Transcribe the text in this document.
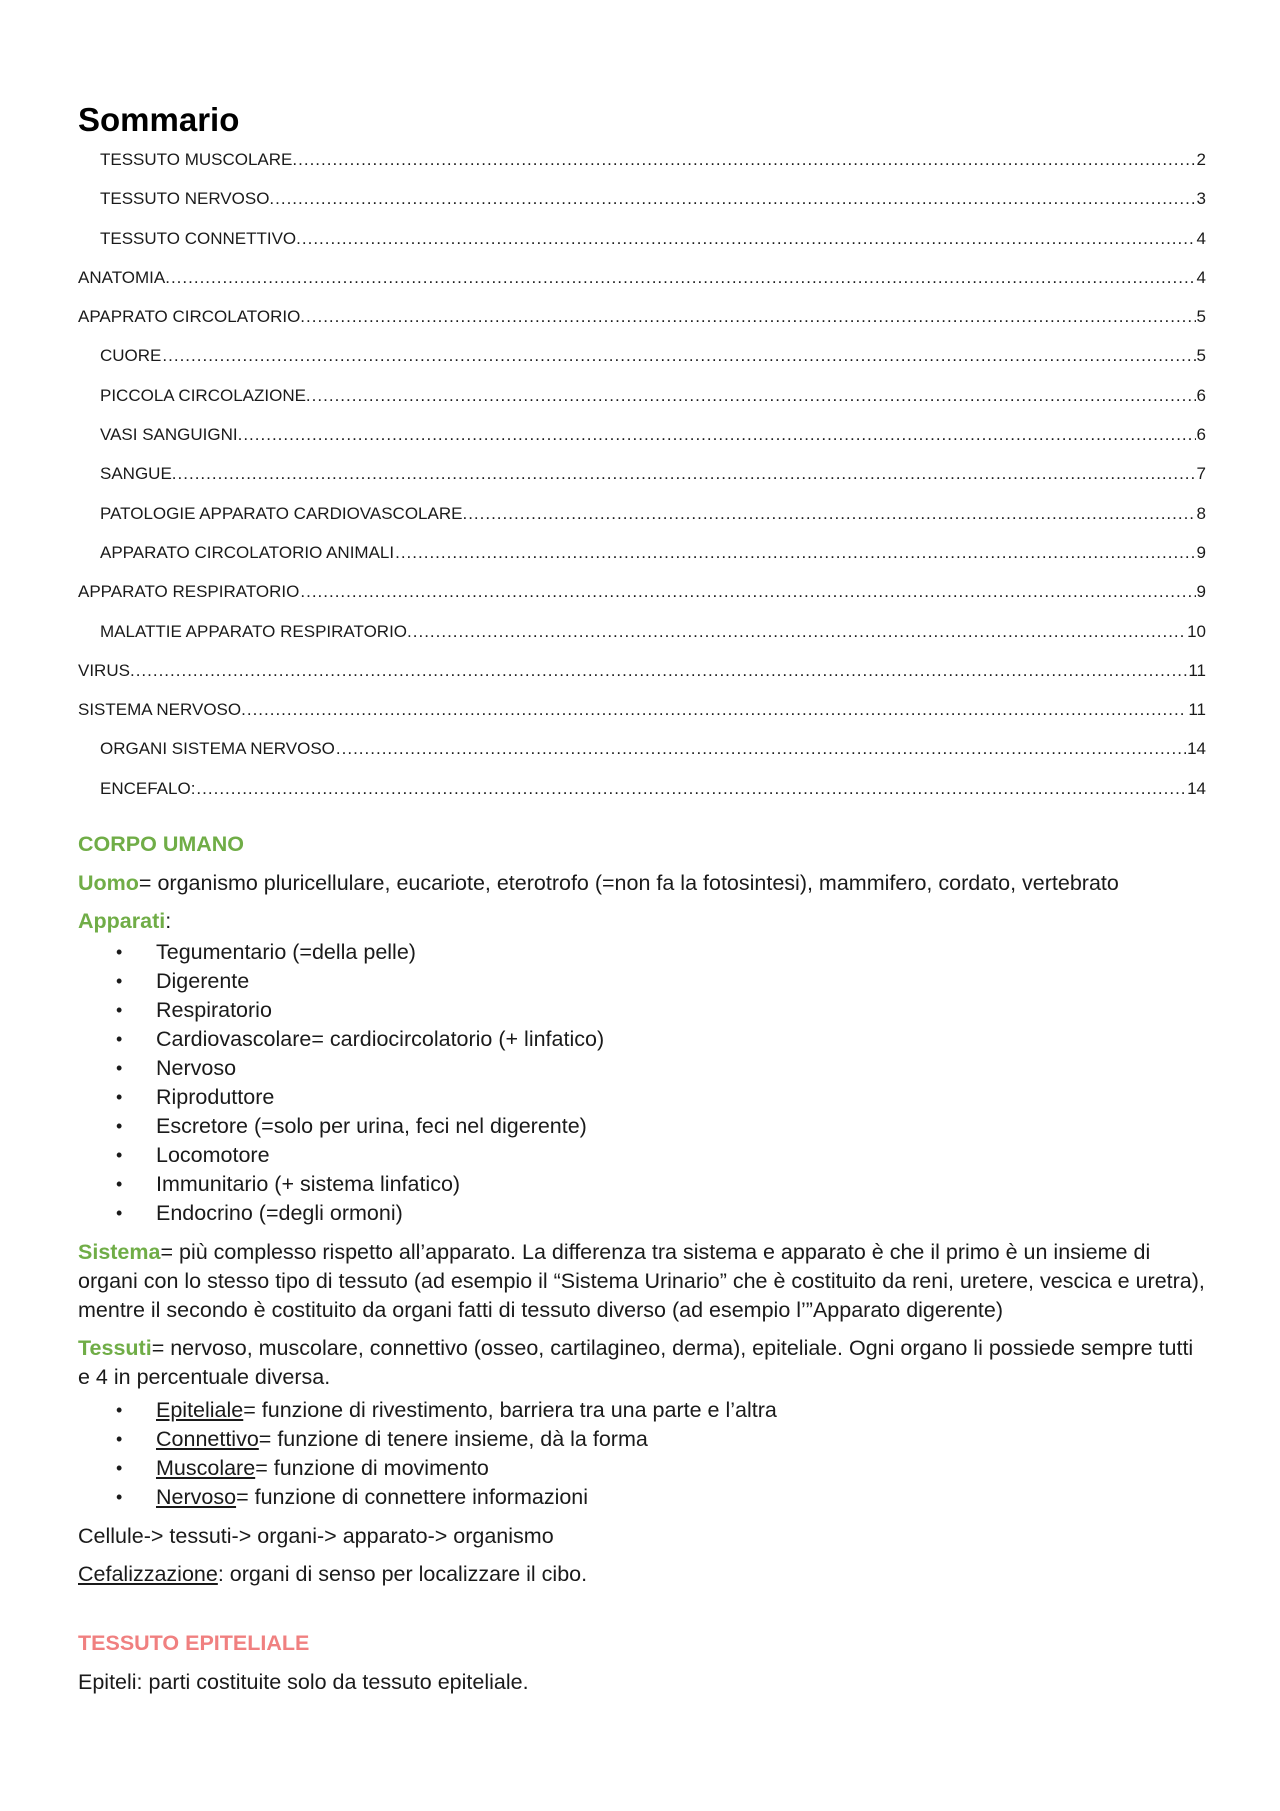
Sommario
TESSUTO MUSCOLARE. .....	2
TESSUTO NERVOSO. .....	3
TESSUTO CONNETTIVO. .....	4
ANATOMIA. .....	4
APAPRATO CIRCOLATORIO. .....	5
CUORE .....	5
PICCOLA CIRCOLAZIONE. .....	6
VASI SANGUIGNI. .....	6
SANGUE. .....	7
PATOLOGIE APPARATO CARDIOVASCOLARE. .....	8
APPARATO CIRCOLATORIO ANIMALI .....	9
APPARATO RESPIRATORIO .....	9
MALATTIE APPARATO RESPIRATORIO. .....	10
VIRUS. .....	11
SISTEMA NERVOSO. .....	11
ORGANI SISTEMA NERVOSO .....	14
ENCEFALO: .....	14
CORPO UMANO

Uomo= organismo pluricellulare, eucariote, eterotrofo (=non fa la fotosintesi), mammifero, cordato, vertebrato

Apparati:

• Tegumentario (=della pelle)
• Digerente
• Respiratorio
• Cardiovascolare= cardiocircolatorio (+ linfatico)
• Nervoso
• Riproduttore
• Escretore (=solo per urina, feci nel digerente)
• Locomotore
• Immunitario (+ sistema linfatico)
• Endocrino (=degli ormoni)

Sistema= più complesso rispetto all’apparato. La differenza tra sistema e apparato è che il primo è un insieme di organi con lo stesso tipo di tessuto (ad esempio il “Sistema Urinario” che è costituito da reni, uretere, vescica e uretra), mentre il secondo è costituito da organi fatti di tessuto diverso (ad esempio l’”Apparato digerente)

Tessuti= nervoso, muscolare, connettivo (osseo, cartilagineo, derma), epiteliale. Ogni organo li possiede sempre tutti e 4 in percentuale diversa.

• Epiteliale= funzione di rivestimento, barriera tra una parte e l’altra
• Connettivo= funzione di tenere insieme, dà la forma
• Muscolare= funzione di movimento
• Nervoso= funzione di connettere informazioni

Cellule-> tessuti-> organi-> apparato-> organismo

Cefalizzazione: organi di senso per localizzare il cibo.

TESSUTO EPITELIALE

Epiteli: parti costituite solo da tessuto epiteliale.
